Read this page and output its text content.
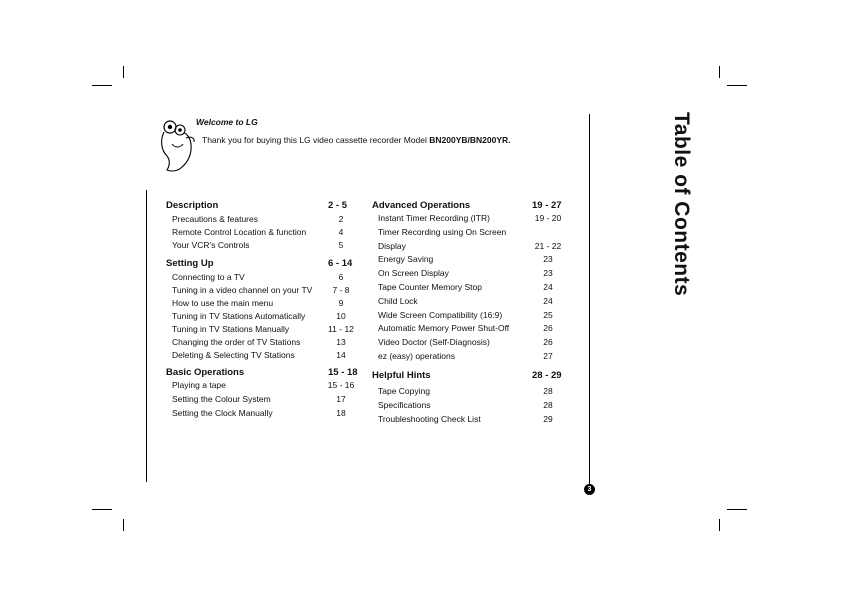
Welcome to LG
Thank you for buying this LG video cassette recorder Model BN200YB/BN200YR.
Description	2 - 5
Precautions & features	2
Remote Control Location & function	4
Your VCR’s Controls	5
Setting Up	6 - 14
Connecting to a TV	6
Tuning in a video channel on your TV	7 - 8
How to use the main menu	9
Tuning in TV Stations Automatically	10
Tuning in TV Stations Manually	11 - 12
Changing the order of TV Stations	13
Deleting & Selecting TV Stations	14
Basic Operations	15 - 18
Playing a tape	15 - 16
Setting the Colour System	17
Setting the Clock Manually	18
Advanced Operations	19 - 27
Instant Timer Recording (ITR)	19 - 20
Timer Recording using On Screen
Display	21 - 22
Energy Saving	23
On Screen Display	23
Tape Counter Memory Stop	24
Child Lock	24
Wide Screen Compatibility (16:9)	25
Automatic Memory Power Shut-Off	26
Video Doctor (Self-Diagnosis)	26
ez (easy) operations	27
Helpful Hints	28 - 29
Tape Copying	28
Specifications	28
Troubleshooting Check List	29
Table of Contents
3
